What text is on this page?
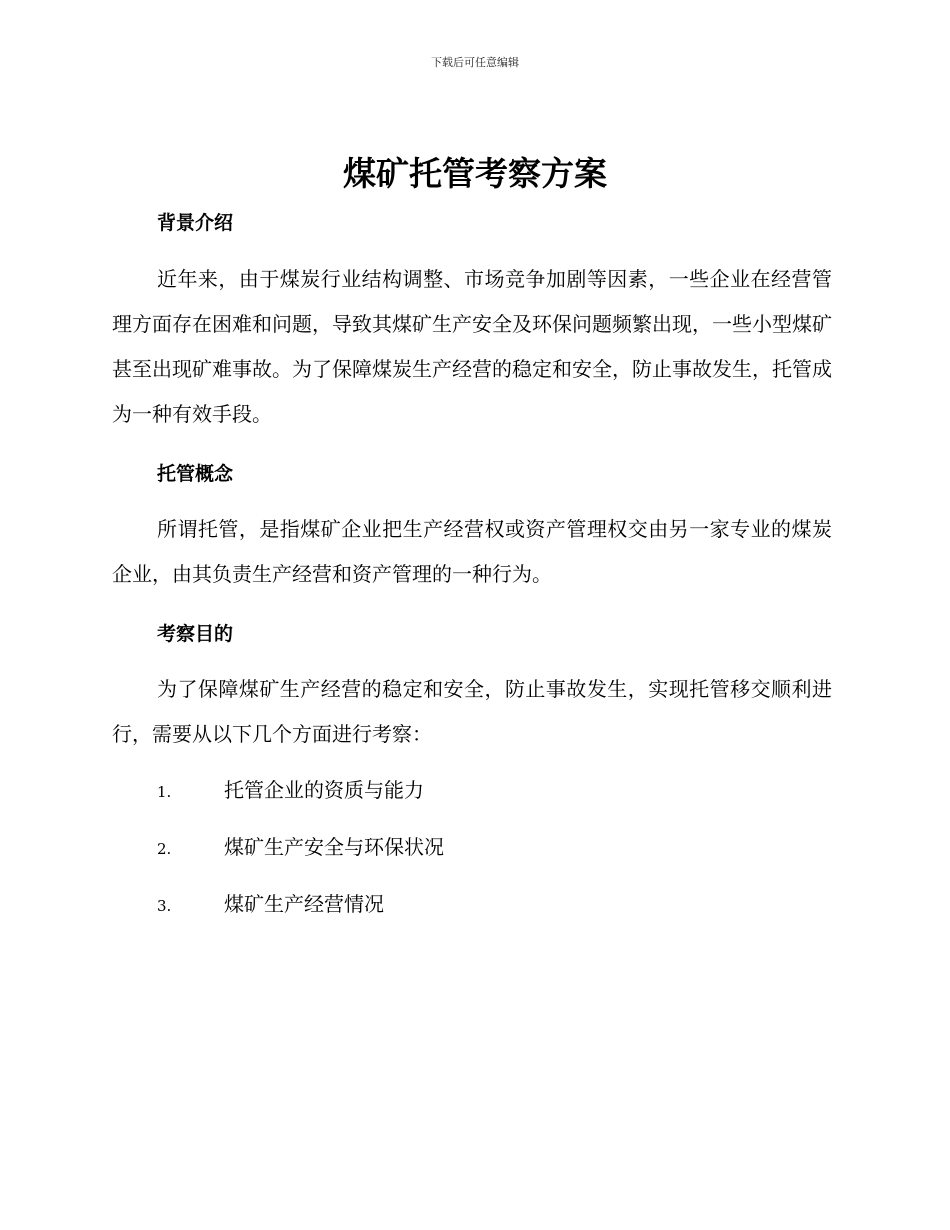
下载后可任意编辑
煤矿托管考察方案
背景介绍
近年来，由于煤炭行业结构调整、市场竞争加剧等因素，一些企业在经营管理方面存在困难和问题，导致其煤矿生产安全及环保问题频繁出现，一些小型煤矿甚至出现矿难事故。为了保障煤炭生产经营的稳定和安全，防止事故发生，托管成为一种有效手段。
托管概念
所谓托管，是指煤矿企业把生产经营权或资产管理权交由另一家专业的煤炭企业，由其负责生产经营和资产管理的一种行为。
考察目的
为了保障煤矿生产经营的稳定和安全，防止事故发生，实现托管移交顺利进行，需要从以下几个方面进行考察：
1.	托管企业的资质与能力
2.	煤矿生产安全与环保状况
3.	煤矿生产经营情况
